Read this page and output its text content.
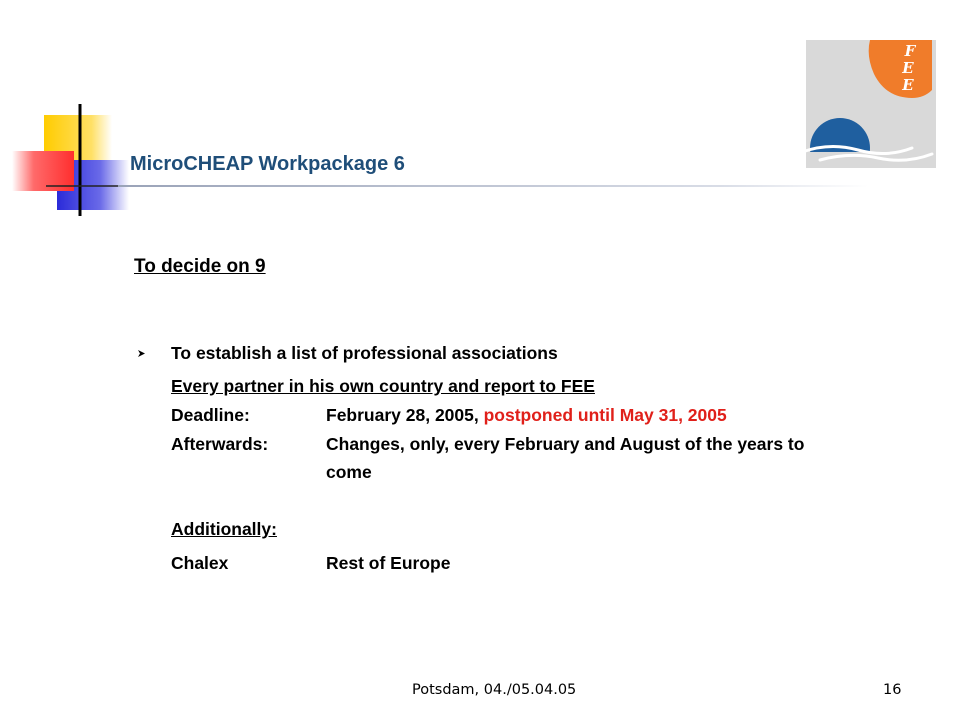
F
E
E
MicroCHEAP Workpackage 6
To decide on 9
To establish a list of professional associations
Every partner in his own country and report to FEE
Deadline:	February 28, 2005, postponed until May 31, 2005
Afterwards:	Changes, only, every February and August of the years to
come
Additionally:
Chalex	Rest of Europe
Potsdam, 04./05.04.05	16
